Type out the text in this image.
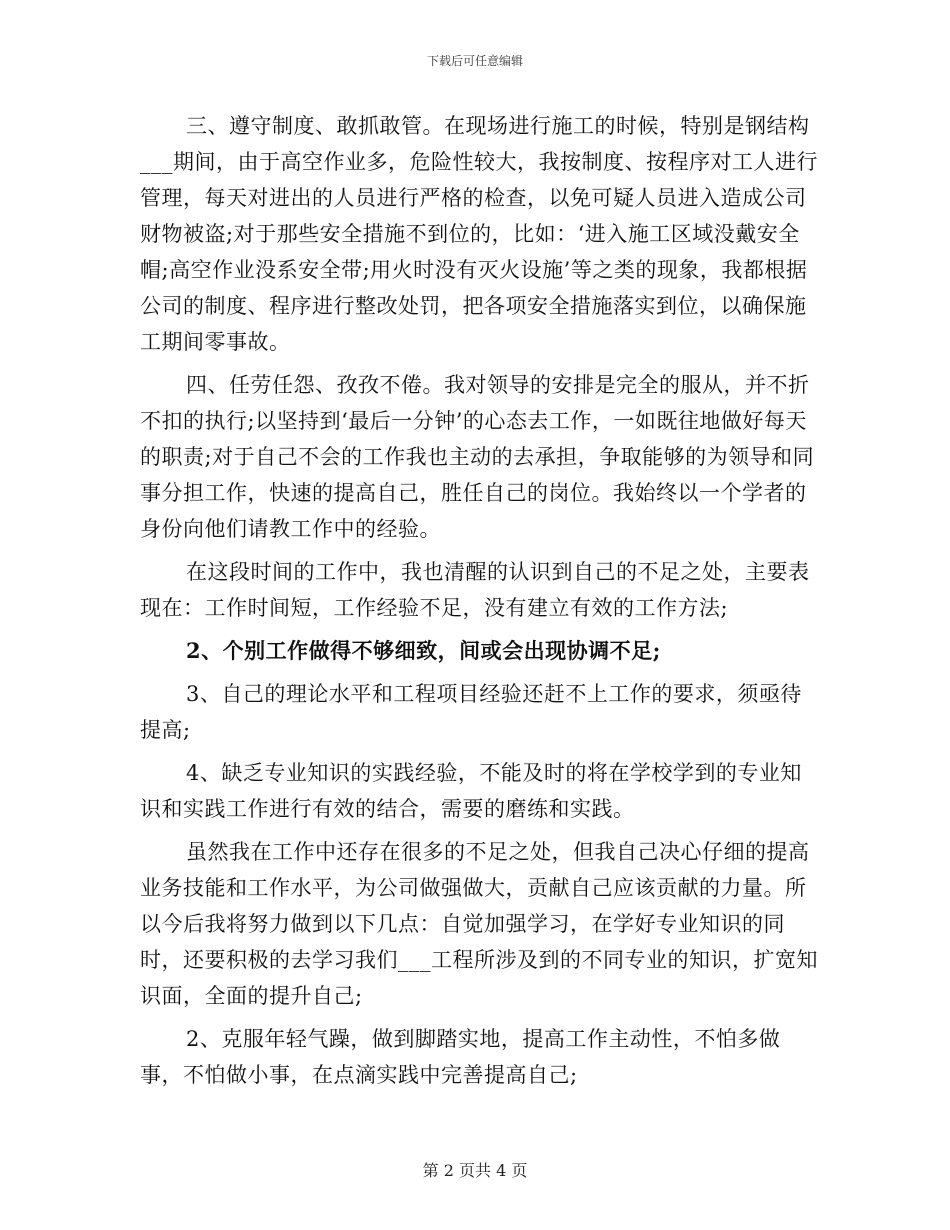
下载后可任意编辑

三、遵守制度、敢抓敢管。在现场进行施工的时候，特别是钢结构___期间，由于高空作业多，危险性较大，我按制度、按程序对工人进行管理，每天对进出的人员进行严格的检查，以免可疑人员进入造成公司财物被盗;对于那些安全措施不到位的，比如：‘进入施工区域没戴安全帽;高空作业没系安全带;用火时没有灭火设施’等之类的现象，我都根据公司的制度、程序进行整改处罚，把各项安全措施落实到位，以确保施工期间零事故。

四、任劳任怨、孜孜不倦。我对领导的安排是完全的服从，并不折不扣的执行;以坚持到‘最后一分钟’的心态去工作，一如既往地做好每天的职责;对于自己不会的工作我也主动的去承担，争取能够的为领导和同事分担工作，快速的提高自己，胜任自己的岗位。我始终以一个学者的身份向他们请教工作中的经验。

在这段时间的工作中，我也清醒的认识到自己的不足之处，主要表现在：工作时间短，工作经验不足，没有建立有效的工作方法;

2、个别工作做得不够细致，间或会出现协调不足;

3、自己的理论水平和工程项目经验还赶不上工作的要求，须亟待提高;

4、缺乏专业知识的实践经验，不能及时的将在学校学到的专业知识和实践工作进行有效的结合，需要的磨练和实践。

虽然我在工作中还存在很多的不足之处，但我自己决心仔细的提高业务技能和工作水平，为公司做强做大，贡献自己应该贡献的力量。所以今后我将努力做到以下几点：自觉加强学习，在学好专业知识的同时，还要积极的去学习我们___工程所涉及到的不同专业的知识，扩宽知识面，全面的提升自己;

2、克服年轻气躁，做到脚踏实地，提高工作主动性，不怕多做事，不怕做小事，在点滴实践中完善提高自己;

第 2 页共 4 页
